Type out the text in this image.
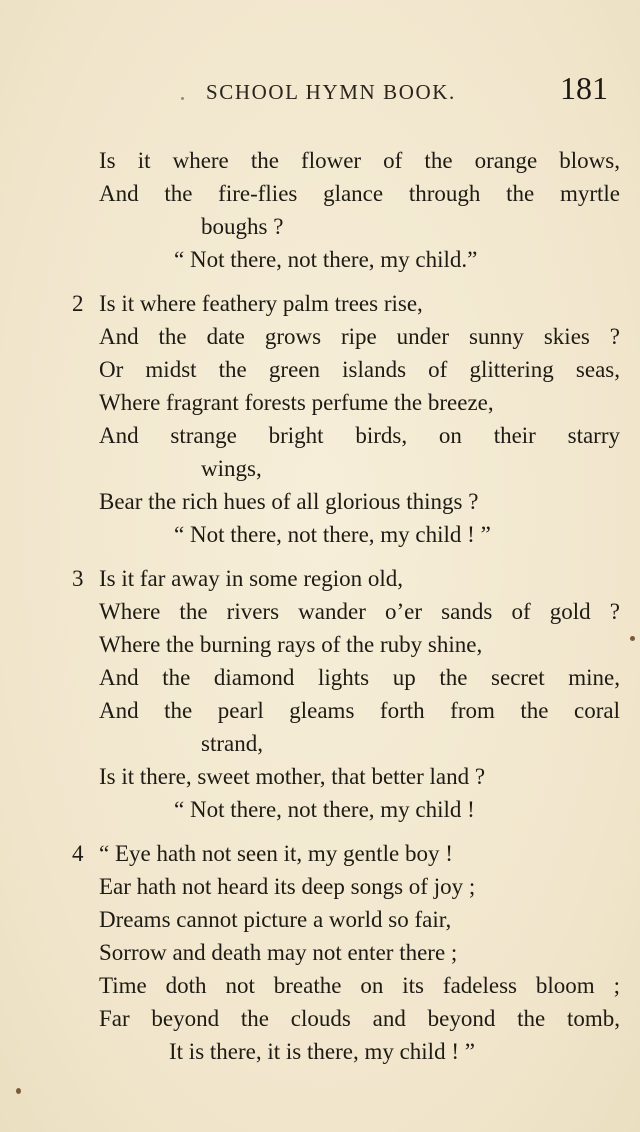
SCHOOL HYMN BOOK.	181
Is it where the flower of the orange blows,
And the fire-flies glance through the myrtle
boughs ?
“ Not there, not there, my child.”
2 Is it where feathery palm trees rise,
And the date grows ripe under sunny skies ?
Or midst the green islands of glittering seas,
Where fragrant forests perfume the breeze,
And strange bright birds, on their starry
wings,
Bear the rich hues of all glorious things ?
“ Not there, not there, my child ! ”
3 Is it far away in some region old,
Where the rivers wander o’er sands of gold ?
Where the burning rays of the ruby shine,
And the diamond lights up the secret mine,
And the pearl gleams forth from the coral
strand,
Is it there, sweet mother, that better land ?
“ Not there, not there, my child !
4 “ Eye hath not seen it, my gentle boy !
Ear hath not heard its deep songs of joy ;
Dreams cannot picture a world so fair,
Sorrow and death may not enter there ;
Time doth not breathe on its fadeless bloom ;
Far beyond the clouds and beyond the tomb,
It is there, it is there, my child ! ”
